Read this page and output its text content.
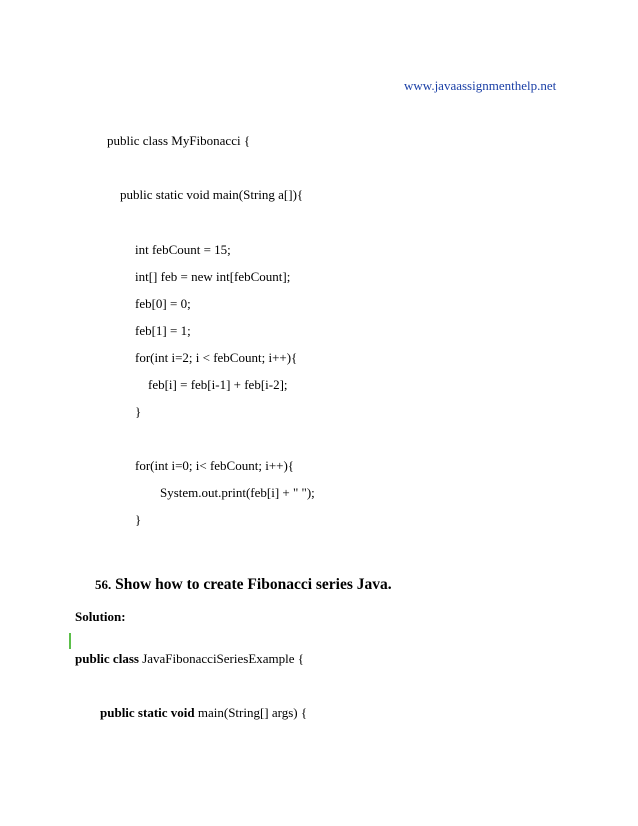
www.javaassignmenthelp.net
public class MyFibonacci {
public static void main(String a[]){
int febCount = 15;
int[] feb = new int[febCount];
feb[0] = 0;
feb[1] = 1;
for(int i=2; i < febCount; i++){
feb[i] = feb[i-1] + feb[i-2];
}
for(int i=0; i< febCount; i++){
System.out.print(feb[i] + " ");
}
56. Show how to create Fibonacci series Java.
Solution:
public class JavaFibonacciSeriesExample {
public static void main(String[] args) {
